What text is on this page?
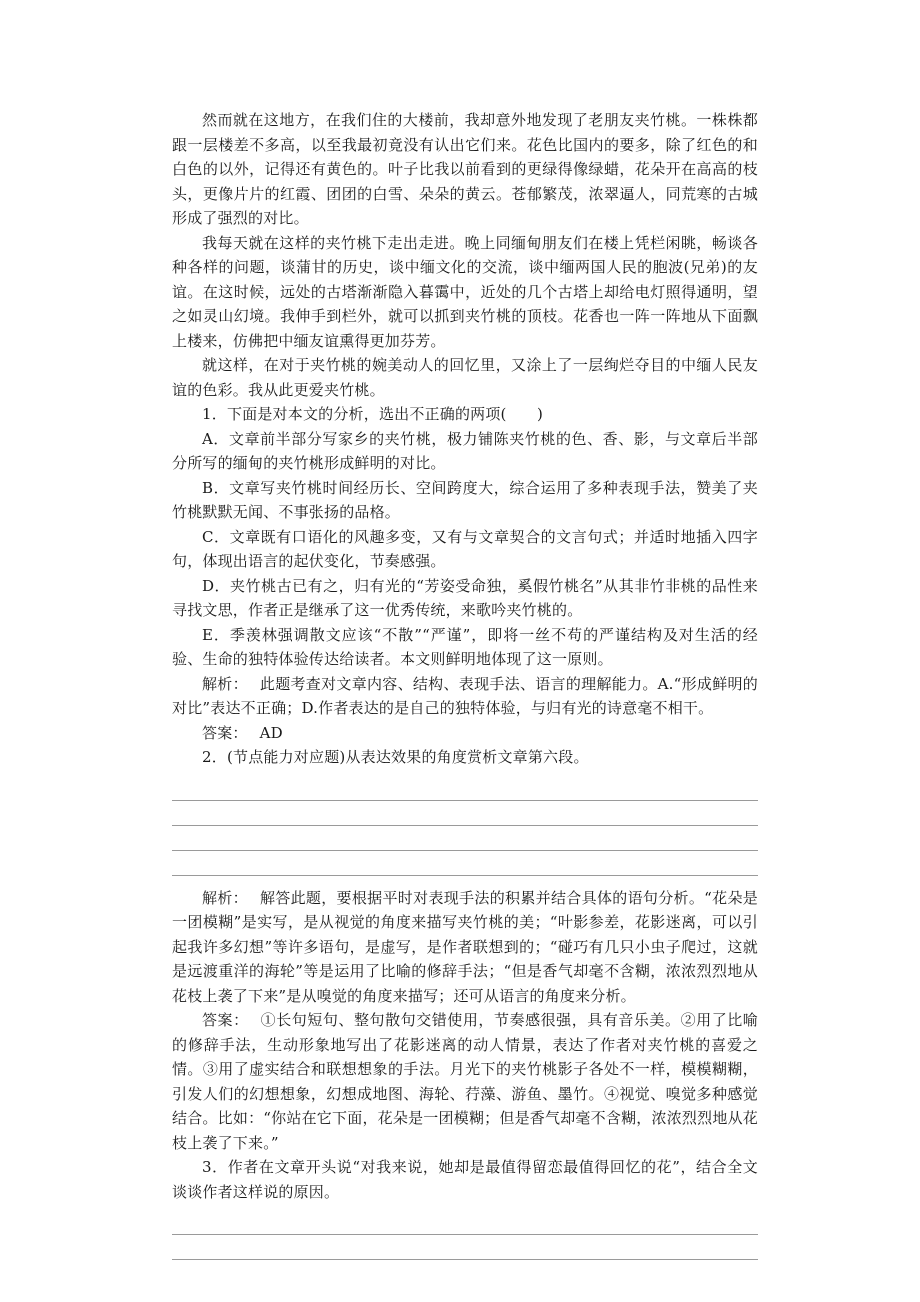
然而就在这地方，在我们住的大楼前，我却意外地发现了老朋友夹竹桃。一株株都跟一层楼差不多高，以至我最初竟没有认出它们来。花色比国内的要多，除了红色的和白色的以外，记得还有黄色的。叶子比我以前看到的更绿得像绿蜡，花朵开在高高的枝头，更像片片的红霞、团团的白雪、朵朵的黄云。苍郁繁茂，浓翠逼人，同荒寒的古城形成了强烈的对比。

我每天就在这样的夹竹桃下走出走进。晚上同缅甸朋友们在楼上凭栏闲眺，畅谈各种各样的问题，谈蒲甘的历史，谈中缅文化的交流，谈中缅两国人民的胞波(兄弟)的友谊。在这时候，远处的古塔渐渐隐入暮霭中，近处的几个古塔上却给电灯照得通明，望之如灵山幻境。我伸手到栏外，就可以抓到夹竹桃的顶枝。花香也一阵一阵地从下面飘上楼来，仿佛把中缅友谊熏得更加芬芳。

就这样，在对于夹竹桃的婉美动人的回忆里，又涂上了一层绚烂夺目的中缅人民友谊的色彩。我从此更爱夹竹桃。

1．下面是对本文的分析，选出不正确的两项(　　)

A．文章前半部分写家乡的夹竹桃，极力铺陈夹竹桃的色、香、影，与文章后半部分所写的缅甸的夹竹桃形成鲜明的对比。

B．文章写夹竹桃时间经历长、空间跨度大，综合运用了多种表现手法，赞美了夹竹桃默默无闻、不事张扬的品格。

C．文章既有口语化的风趣多变，又有与文章契合的文言句式；并适时地插入四字句，体现出语言的起伏变化，节奏感强。

D．夹竹桃古已有之，归有光的“芳姿受命独，奚假竹桃名”从其非竹非桃的品性来寻找文思，作者正是继承了这一优秀传统，来歌吟夹竹桃的。

E．季羡林强调散文应该“不散”“严谨”，即将一丝不苟的严谨结构及对生活的经验、生命的独特体验传达给读者。本文则鲜明地体现了这一原则。

解析： 此题考查对文章内容、结构、表现手法、语言的理解能力。A.“形成鲜明的对比”表达不正确；D.作者表达的是自己的独特体验，与归有光的诗意毫不相干。

答案： AD

2．(节点能力对应题)从表达效果的角度赏析文章第六段。

解析： 解答此题，要根据平时对表现手法的积累并结合具体的语句分析。“花朵是一团模糊”是实写，是从视觉的角度来描写夹竹桃的美；“叶影参差，花影迷离，可以引起我许多幻想”等许多语句，是虚写，是作者联想到的；“碰巧有几只小虫子爬过，这就是远渡重洋的海轮”等是运用了比喻的修辞手法；“但是香气却毫不含糊，浓浓烈烈地从花枝上袭了下来”是从嗅觉的角度来描写；还可从语言的角度来分析。

答案： ①长句短句、整句散句交错使用，节奏感很强，具有音乐美。②用了比喻的修辞手法，生动形象地写出了花影迷离的动人情景，表达了作者对夹竹桃的喜爱之情。③用了虚实结合和联想想象的手法。月光下的夹竹桃影子各处不一样，模模糊糊，引发人们的幻想想象，幻想成地图、海轮、荇藻、游鱼、墨竹。④视觉、嗅觉多种感觉结合。比如：“你站在它下面，花朵是一团模糊；但是香气却毫不含糊，浓浓烈烈地从花枝上袭了下来。”

3．作者在文章开头说“对我来说，她却是最值得留恋最值得回忆的花”，结合全文谈谈作者这样说的原因。
